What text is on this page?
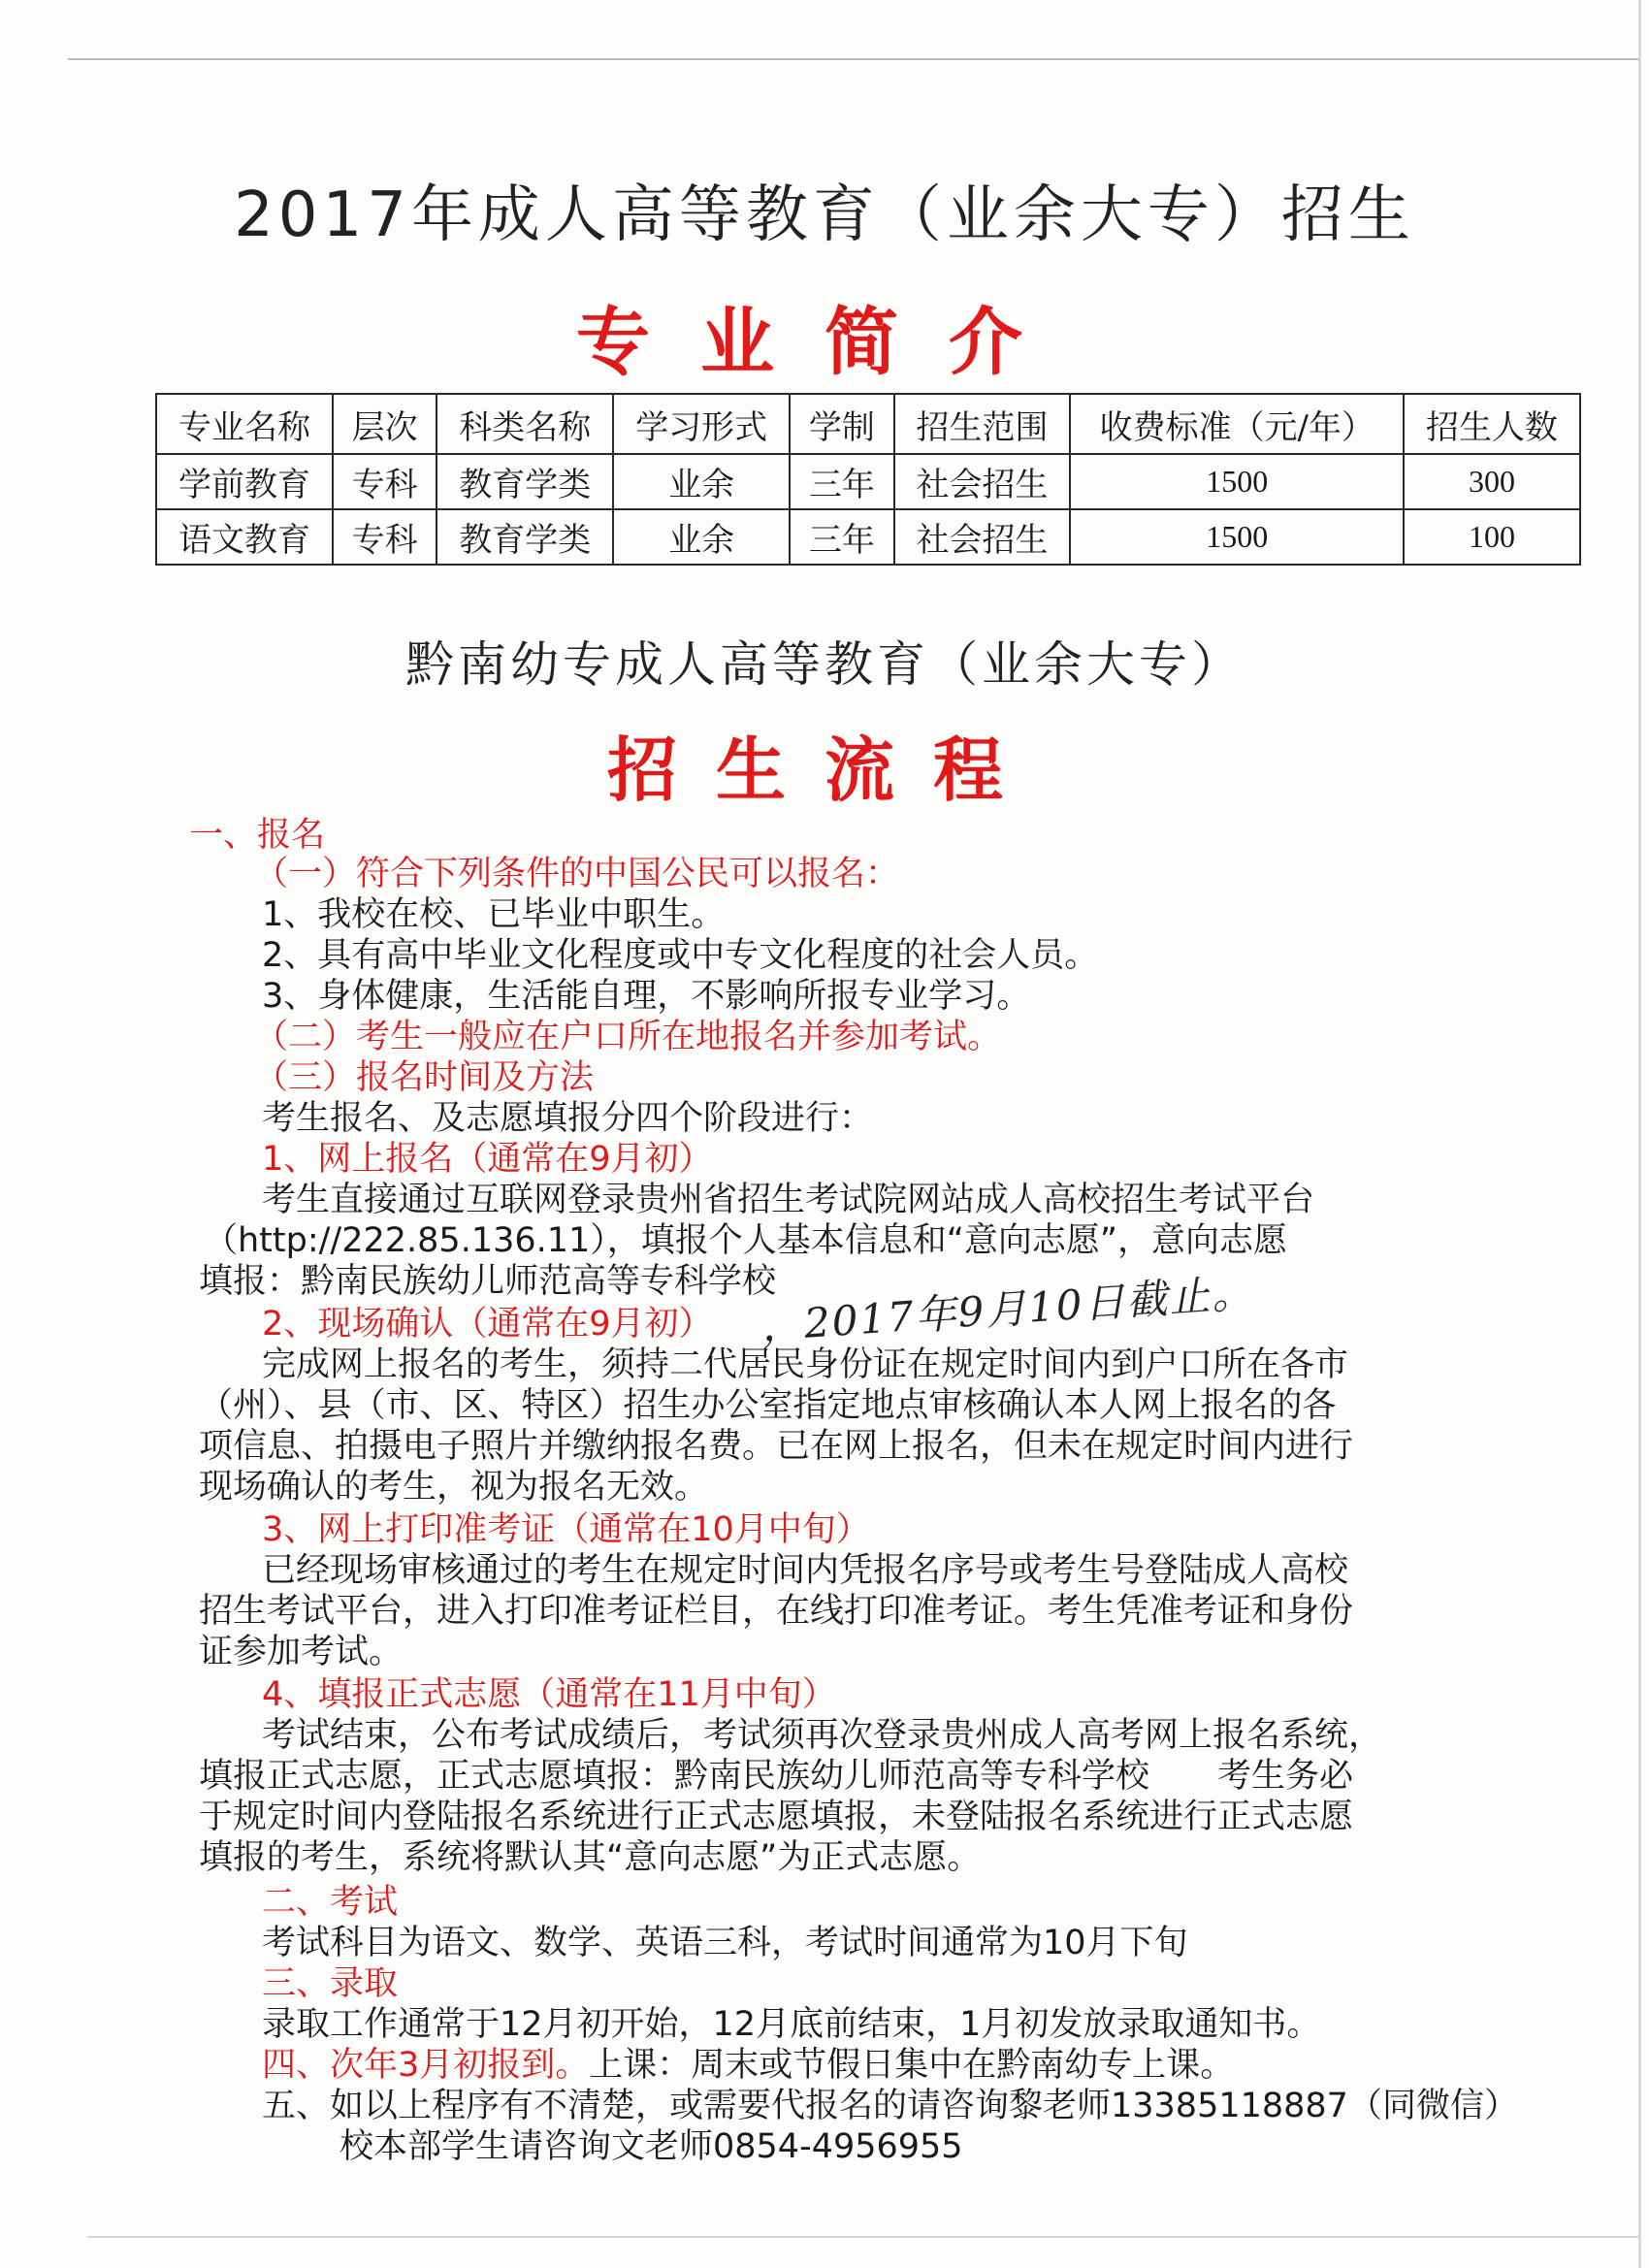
2017年成人高等教育（业余大专）招生
专业简介
专业名称	层次	科类名称	学习形式	学制	招生范围	收费标准（元/年）	招生人数
学前教育	专科	教育学类	业余	三年	社会招生	1500	300
语文教育	专科	教育学类	业余	三年	社会招生	1500	100
黔南幼专成人高等教育（业余大专）
招生流程
一、报名
（一）符合下列条件的中国公民可以报名：
1、我校在校、已毕业中职生。
2、具有高中毕业文化程度或中专文化程度的社会人员。
3、身体健康，生活能自理，不影响所报专业学习。
（二）考生一般应在户口所在地报名并参加考试。
（三）报名时间及方法
考生报名、及志愿填报分四个阶段进行：
1、网上报名（通常在9月初）
考生直接通过互联网登录贵州省招生考试院网站成人高校招生考试平台
（http://222.85.136.11），填报个人基本信息和“意向志愿”，意向志愿
填报：黔南民族幼儿师范高等专科学校
2、现场确认（通常在9月初） ，2017年9月10日截止。
完成网上报名的考生，须持二代居民身份证在规定时间内到户口所在各市
（州）、县（市、区、特区）招生办公室指定地点审核确认本人网上报名的各
项信息、拍摄电子照片并缴纳报名费。已在网上报名，但未在规定时间内进行
现场确认的考生，视为报名无效。
3、网上打印准考证（通常在10月中旬）
已经现场审核通过的考生在规定时间内凭报名序号或考生号登陆成人高校
招生考试平台，进入打印准考证栏目，在线打印准考证。考生凭准考证和身份
证参加考试。
4、填报正式志愿（通常在11月中旬）
考试结束，公布考试成绩后，考试须再次登录贵州成人高考网上报名系统，
填报正式志愿，正式志愿填报：黔南民族幼儿师范高等专科学校　　考生务必
于规定时间内登陆报名系统进行正式志愿填报，未登陆报名系统进行正式志愿
填报的考生，系统将默认其“意向志愿”为正式志愿。
二、考试
考试科目为语文、数学、英语三科，考试时间通常为10月下旬
三、录取
录取工作通常于12月初开始，12月底前结束，1月初发放录取通知书。
四、次年3月初报到。上课：周末或节假日集中在黔南幼专上课。
五、如以上程序有不清楚，或需要代报名的请咨询黎老师13385118887（同微信）
校本部学生请咨询文老师0854-4956955
